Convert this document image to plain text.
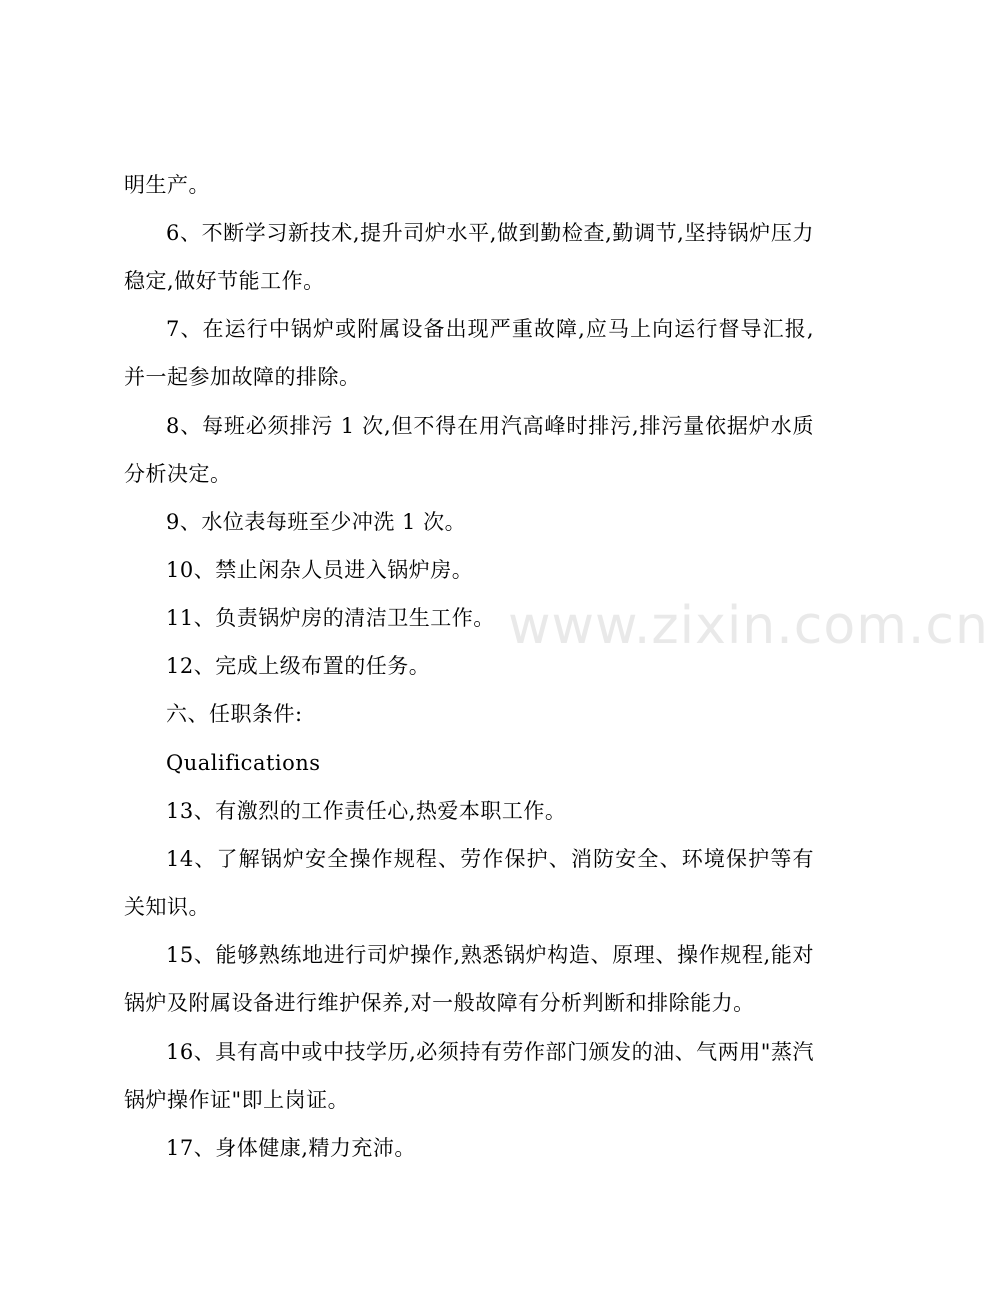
www.zixin.com.cn

明生产。

6、不断学习新技术,提升司炉水平,做到勤检查,勤调节,坚持锅炉压力稳定,做好节能工作。

7、在运行中锅炉或附属设备出现严重故障,应马上向运行督导汇报,并一起参加故障的排除。

8、每班必须排污 1 次,但不得在用汽高峰时排污,排污量依据炉水质分析决定。

9、水位表每班至少冲洗 1 次。

10、禁止闲杂人员进入锅炉房。

11、负责锅炉房的清洁卫生工作。

12、完成上级布置的任务。

六、任职条件:

Qualifications

13、有激烈的工作责任心,热爱本职工作。

14、了解锅炉安全操作规程、劳作保护、消防安全、环境保护等有关知识。

15、能够熟练地进行司炉操作,熟悉锅炉构造、原理、操作规程,能对锅炉及附属设备进行维护保养,对一般故障有分析判断和排除能力。

16、具有高中或中技学历,必须持有劳作部门颁发的油、气两用"蒸汽锅炉操作证"即上岗证。

17、身体健康,精力充沛。
